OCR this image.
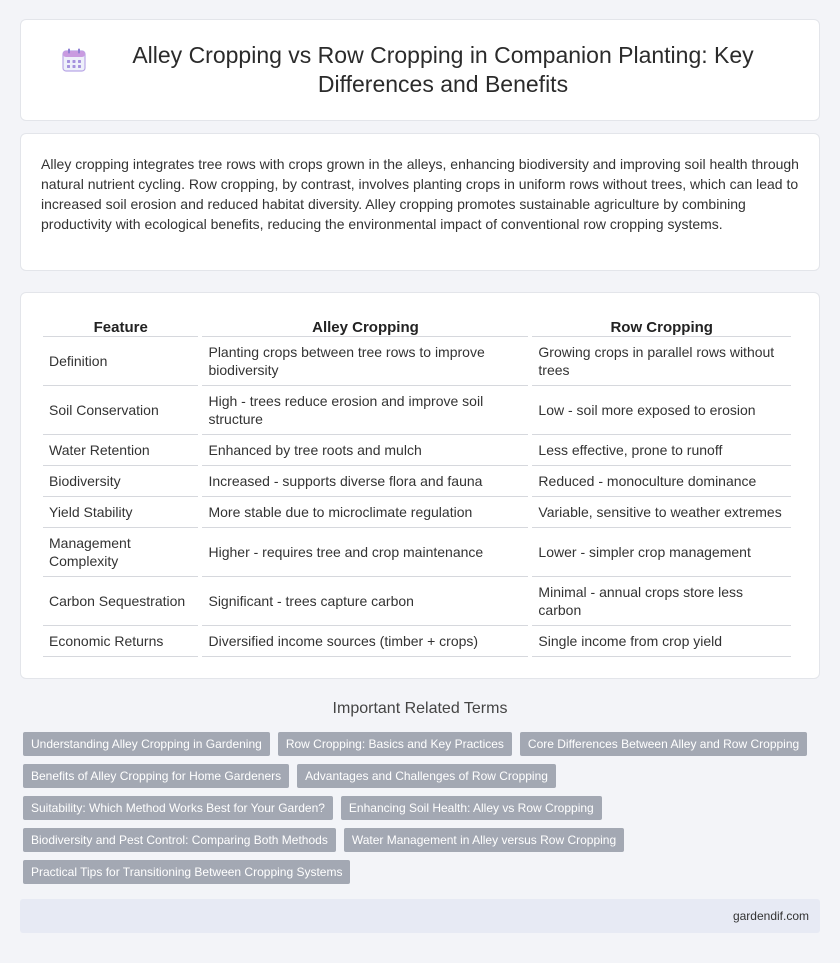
Alley Cropping vs Row Cropping in Companion Planting: Key Differences and Benefits

Alley cropping integrates tree rows with crops grown in the alleys, enhancing biodiversity and improving soil health through natural nutrient cycling. Row cropping, by contrast, involves planting crops in uniform rows without trees, which can lead to increased soil erosion and reduced habitat diversity. Alley cropping promotes sustainable agriculture by combining productivity with ecological benefits, reducing the environmental impact of conventional row cropping systems.

Feature	Alley Cropping	Row Cropping
Definition	Planting crops between tree rows to improve biodiversity	Growing crops in parallel rows without trees
Soil Conservation	High - trees reduce erosion and improve soil structure	Low - soil more exposed to erosion
Water Retention	Enhanced by tree roots and mulch	Less effective, prone to runoff
Biodiversity	Increased - supports diverse flora and fauna	Reduced - monoculture dominance
Yield Stability	More stable due to microclimate regulation	Variable, sensitive to weather extremes
Management Complexity	Higher - requires tree and crop maintenance	Lower - simpler crop management
Carbon Sequestration	Significant - trees capture carbon	Minimal - annual crops store less carbon
Economic Returns	Diversified income sources (timber + crops)	Single income from crop yield
Important Related Terms
Understanding Alley Cropping in Gardening	Row Cropping: Basics and Key Practices	Core Differences Between Alley and Row Cropping
Benefits of Alley Cropping for Home Gardeners	Advantages and Challenges of Row Cropping
Suitability: Which Method Works Best for Your Garden?	Enhancing Soil Health: Alley vs Row Cropping
Biodiversity and Pest Control: Comparing Both Methods	Water Management in Alley versus Row Cropping
Practical Tips for Transitioning Between Cropping Systems
gardendif.com
